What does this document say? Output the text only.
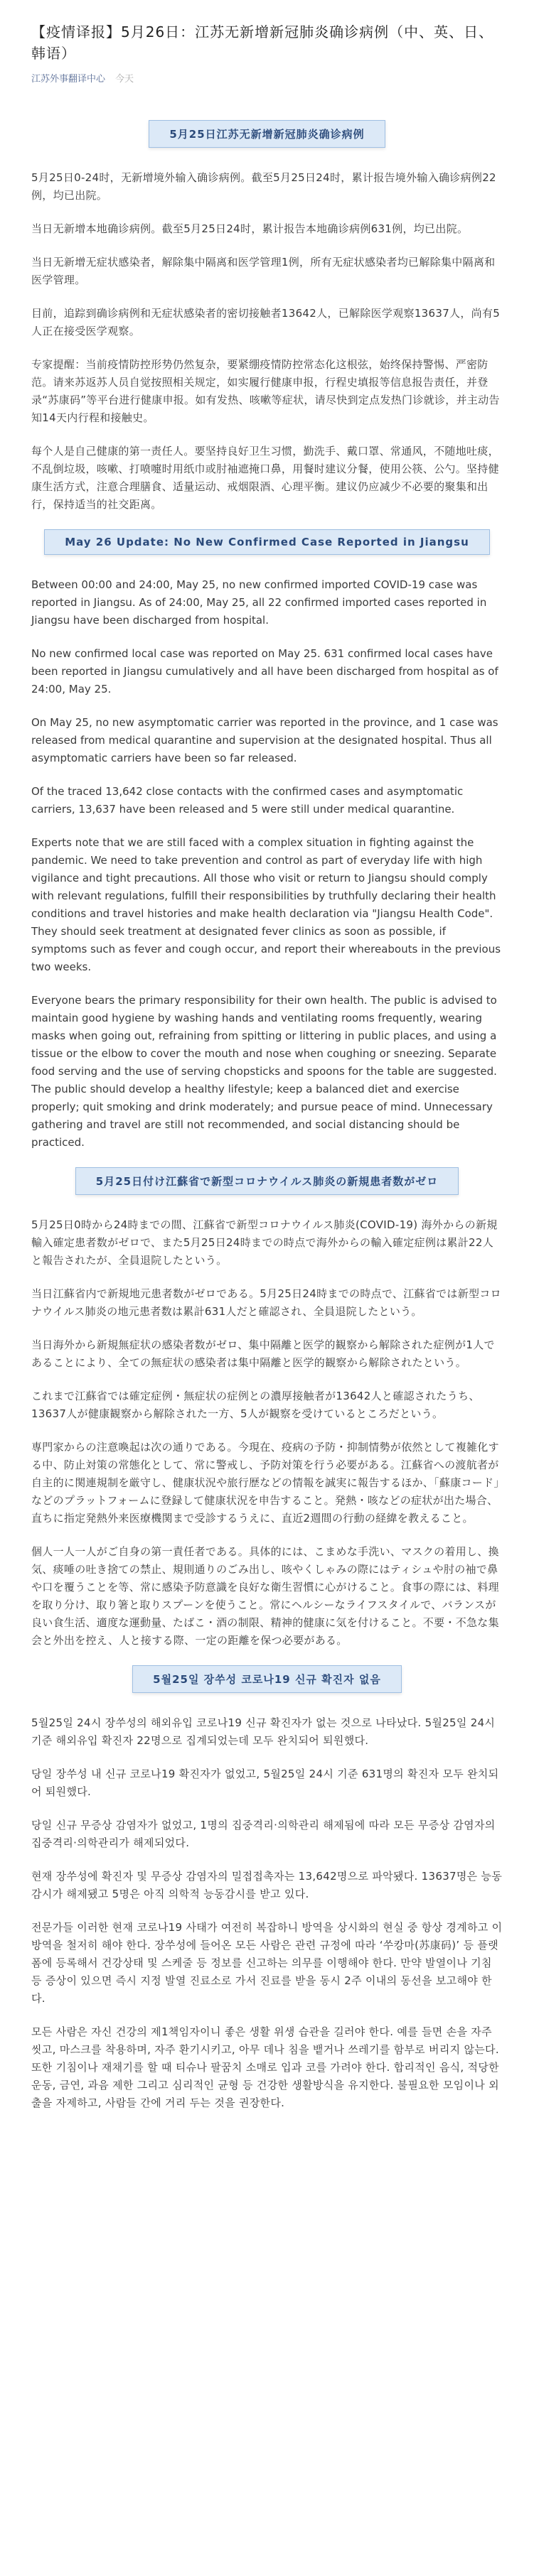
【疫情译报】5月26日：江苏无新增新冠肺炎确诊病例（中、英、日、韩语）
江苏外事翻译中心 今天
5月25日江苏无新增新冠肺炎确诊病例

5月25日0-24时，无新增境外输入确诊病例。截至5月25日24时，累计报告境外输入确诊病例22例，均已出院。

当日无新增本地确诊病例。截至5月25日24时，累计报告本地确诊病例631例，均已出院。

当日无新增无症状感染者，解除集中隔离和医学管理1例，所有无症状感染者均已解除集中隔离和医学管理。

目前，追踪到确诊病例和无症状感染者的密切接触者13642人，已解除医学观察13637人，尚有5人正在接受医学观察。

专家提醒：当前疫情防控形势仍然复杂，要紧绷疫情防控常态化这根弦，始终保持警惕、严密防范。请来苏返苏人员自觉按照相关规定，如实履行健康申报，行程史填报等信息报告责任，并登录“苏康码”等平台进行健康申报。如有发热、咳嗽等症状，请尽快到定点发热门诊就诊，并主动告知14天内行程和接触史。

每个人是自己健康的第一责任人。要坚持良好卫生习惯，勤洗手、戴口罩、常通风，不随地吐痰，不乱倒垃圾，咳嗽、打喷嚏时用纸巾或肘袖遮掩口鼻，用餐时建议分餐，使用公筷、公勺。坚持健康生活方式，注意合理膳食、适量运动、戒烟限酒、心理平衡。建议仍应减少不必要的聚集和出行，保持适当的社交距离。

May 26 Update: No New Confirmed Case Reported in Jiangsu

Between 00:00 and 24:00, May 25, no new confirmed imported COVID-19 case was reported in Jiangsu. As of 24:00, May 25, all 22 confirmed imported cases reported in Jiangsu have been discharged from hospital.

No new confirmed local case was reported on May 25. 631 confirmed local cases have been reported in Jiangsu cumulatively and all have been discharged from hospital as of 24:00, May 25.

On May 25, no new asymptomatic carrier was reported in the province, and 1 case was released from medical quarantine and supervision at the designated hospital. Thus all asymptomatic carriers have been so far released.

Of the traced 13,642 close contacts with the confirmed cases and asymptomatic carriers, 13,637 have been released and 5 were still under medical quarantine.

Experts note that we are still faced with a complex situation in fighting against the pandemic. We need to take prevention and control as part of everyday life with high vigilance and tight precautions. All those who visit or return to Jiangsu should comply with relevant regulations, fulfill their responsibilities by truthfully declaring their health conditions and travel histories and make health declaration via "Jiangsu Health Code". They should seek treatment at designated fever clinics as soon as possible, if symptoms such as fever and cough occur, and report their whereabouts in the previous two weeks.

Everyone bears the primary responsibility for their own health. The public is advised to maintain good hygiene by washing hands and ventilating rooms frequently, wearing masks when going out, refraining from spitting or littering in public places, and using a tissue or the elbow to cover the mouth and nose when coughing or sneezing. Separate food serving and the use of serving chopsticks and spoons for the table are suggested. The public should develop a healthy lifestyle; keep a balanced diet and exercise properly; quit smoking and drink moderately; and pursue peace of mind. Unnecessary gathering and travel are still not recommended, and social distancing should be practiced.

5月25日付け江蘇省で新型コロナウイルス肺炎の新規患者数がゼロ

5月25日0時から24時までの間、江蘇省で新型コロナウイルス肺炎(COVID-19) 海外からの新規輸入確定患者数がゼロで、また5月25日24時までの時点で海外からの輸入確定症例は累計22人と報告されたが、全員退院したという。

当日江蘇省内で新規地元患者数がゼロである。5月25日24時までの時点で、江蘇省では新型コロナウイルス肺炎の地元患者数は累計631人だと確認され、全員退院したという。

当日海外から新規無症状の感染者数がゼロ、集中隔離と医学的観察から解除された症例が1人であることにより、全ての無症状の感染者は集中隔離と医学的観察から解除されたという。

これまで江蘇省では確定症例・無症状の症例との濃厚接触者が13642人と確認されたうち、13637人が健康観察から解除された一方、5人が観察を受けているところだという。

専門家からの注意喚起は次の通りである。今現在、疫病の予防・抑制情勢が依然として複雑化する中、防止対策の常態化として、常に警戒し、予防対策を行う必要がある。江蘇省への渡航者が自主的に関連規制を厳守し、健康状況や旅行歴などの情報を誠実に報告するほか、「蘇康コード」などのプラットフォームに登録して健康状況を申告すること。発熱・咳などの症状が出た場合、直ちに指定発熱外来医療機関まで受診するうえに、直近2週間の行動の経緯を教えること。

個人一人一人がご自身の第一責任者である。具体的には、こまめな手洗い、マスクの着用し、換気、痰唾の吐き捨ての禁止、規則通りのごみ出し、咳やくしゃみの際にはティシュや肘の袖で鼻や口を覆うことを等、常に感染予防意識を良好な衛生習慣に心がけること。食事の際には、料理を取り分け、取り箸と取りスプーンを使うこと。常にヘルシーなライフスタイルで、バランスが良い食生活、適度な運動量、たばこ・酒の制限、精神的健康に気を付けること。不要・不急な集会と外出を控え、人と接する際、一定の距離を保つ必要がある。

5월25일 장쑤성 코로나19 신규 확진자 없음

5월25일 24시 장쑤성의 해외유입 코로나19 신규 확진자가 없는 것으로 나타났다. 5월25일 24시 기준 해외유입 확진자 22명으로 집계되었는데 모두 완치되어 퇴원했다.

당일 장쑤성 내 신규 코로나19 확진자가 없었고, 5월25일 24시 기준 631명의 확진자 모두 완치되어 퇴원했다.

당일 신규 무증상 감염자가 없었고, 1명의 집중격리·의학관리 해제됨에 따라 모든 무증상 감염자의 집중격리·의학관리가 해제되었다.

현재 장쑤성에 확진자 및 무증상 감염자의 밀접접촉자는 13,642명으로 파악됐다. 13637명은 능동감시가 해제됐고 5명은 아직 의학적 능동감시를 받고 있다.

전문가들 이러한 현재 코로나19 사태가 여전히 복잡하니 방역을 상시화의 현실 중 항상 경계하고 이 방역을 철저히 해야 한다. 장쑤성에 들어온 모든 사람은 관련 규정에 따라 ‘쑤캉마(苏康码)’ 등 플랫폼에 등록해서 건강상태 및 스케줄 등 정보를 신고하는 의무를 이행해야 한다. 만약 발열이나 기침 등 증상이 있으면 즉시 지정 발열 진료소로 가서 진료를 받을 동시 2주 이내의 동선을 보고해야 한다.

모든 사람은 자신 건강의 제1책임자이니 좋은 생활 위생 습관을 길러야 한다. 예를 들면 손을 자주 씻고, 마스크를 착용하며, 자주 환기시키고, 아무 데나 침을 뱉거나 쓰레기를 함부로 버리지 않는다. 또한 기침이나 재채기를 할 때 티슈나 팔꿈치 소매로 입과 코를 가려야 한다. 합리적인 음식, 적당한 운동, 금연, 과음 제한 그리고 심리적인 균형 등 건강한 생활방식을 유지한다. 불필요한 모임이나 외출을 자제하고, 사람들 간에 거리 두는 것을 권장한다.
